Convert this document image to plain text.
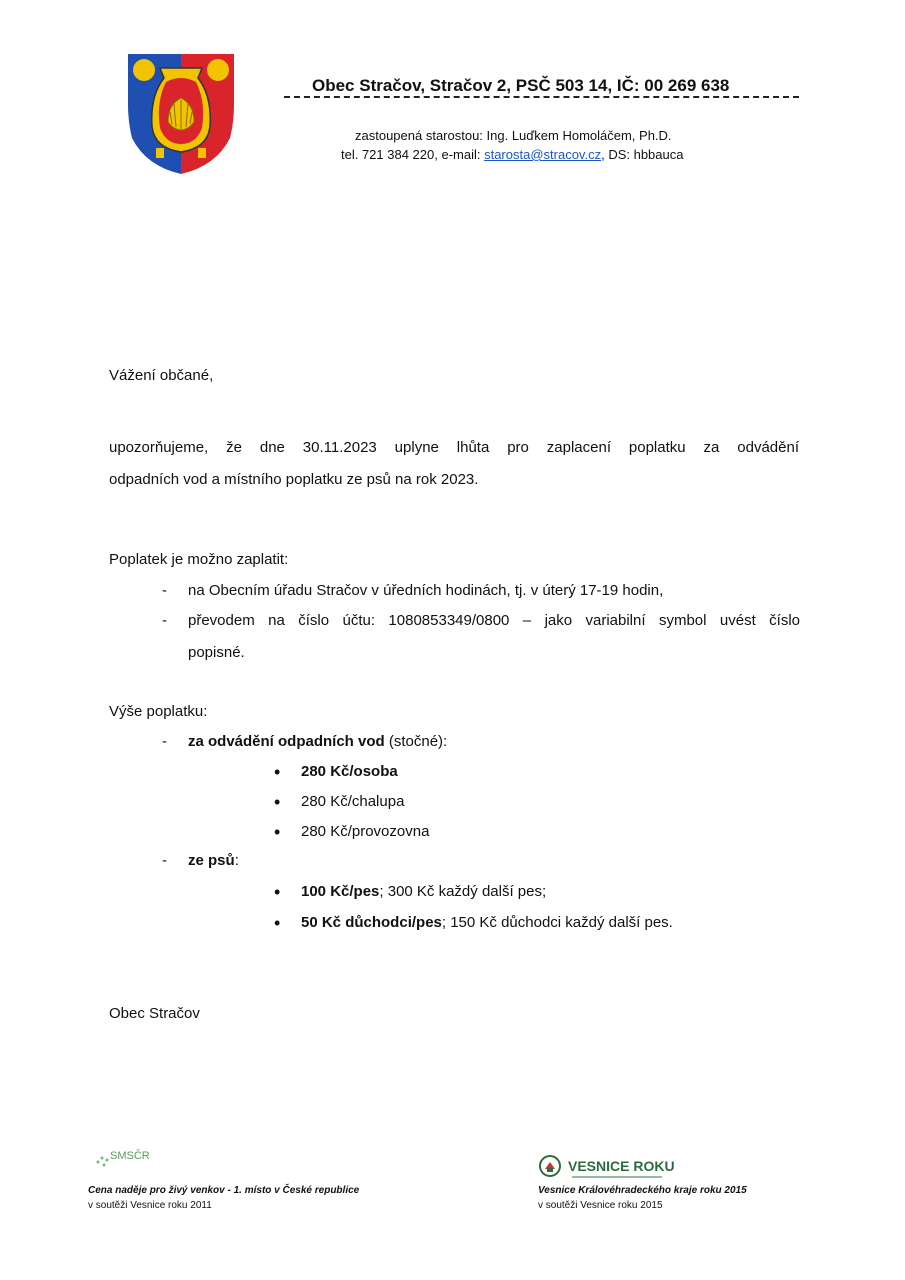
Obec Stračov, Stračov 2, PSČ 503 14, IČ: 00 269 638
zastoupená starostou: Ing. Luďkem Homoláčem, Ph.D.
tel. 721 384 220, e-mail: starosta@stracov.cz, DS: hbbauca
Vážení občané,
upozorňujeme, že dne 30.11.2023 uplyne lhůta pro zaplacení poplatku za odvádění
odpadních vod a místního poplatku ze psů na rok 2023.
Poplatek je možno zaplatit:
- na Obecním úřadu Stračov v úředních hodinách, tj. v úterý 17-19 hodin,
- převodem na číslo účtu: 1080853349/0800 – jako variabilní symbol uvést číslo
popisné.
Výše poplatku:
- za odvádění odpadních vod (stočné):
• 280 Kč/osoba
• 280 Kč/chalupa
• 280 Kč/provozovna
- ze psů:
• 100 Kč/pes; 300 Kč každý další pes;
• 50 Kč důchodci/pes; 150 Kč důchodci každý další pes.
Obec Stračov
SMSČR
Cena naděje pro živý venkov - 1. místo v České republice
v soutěži Vesnice roku 2011
VESNICE ROKU
Vesnice Královéhradeckého kraje roku 2015
v soutěži Vesnice roku 2015
